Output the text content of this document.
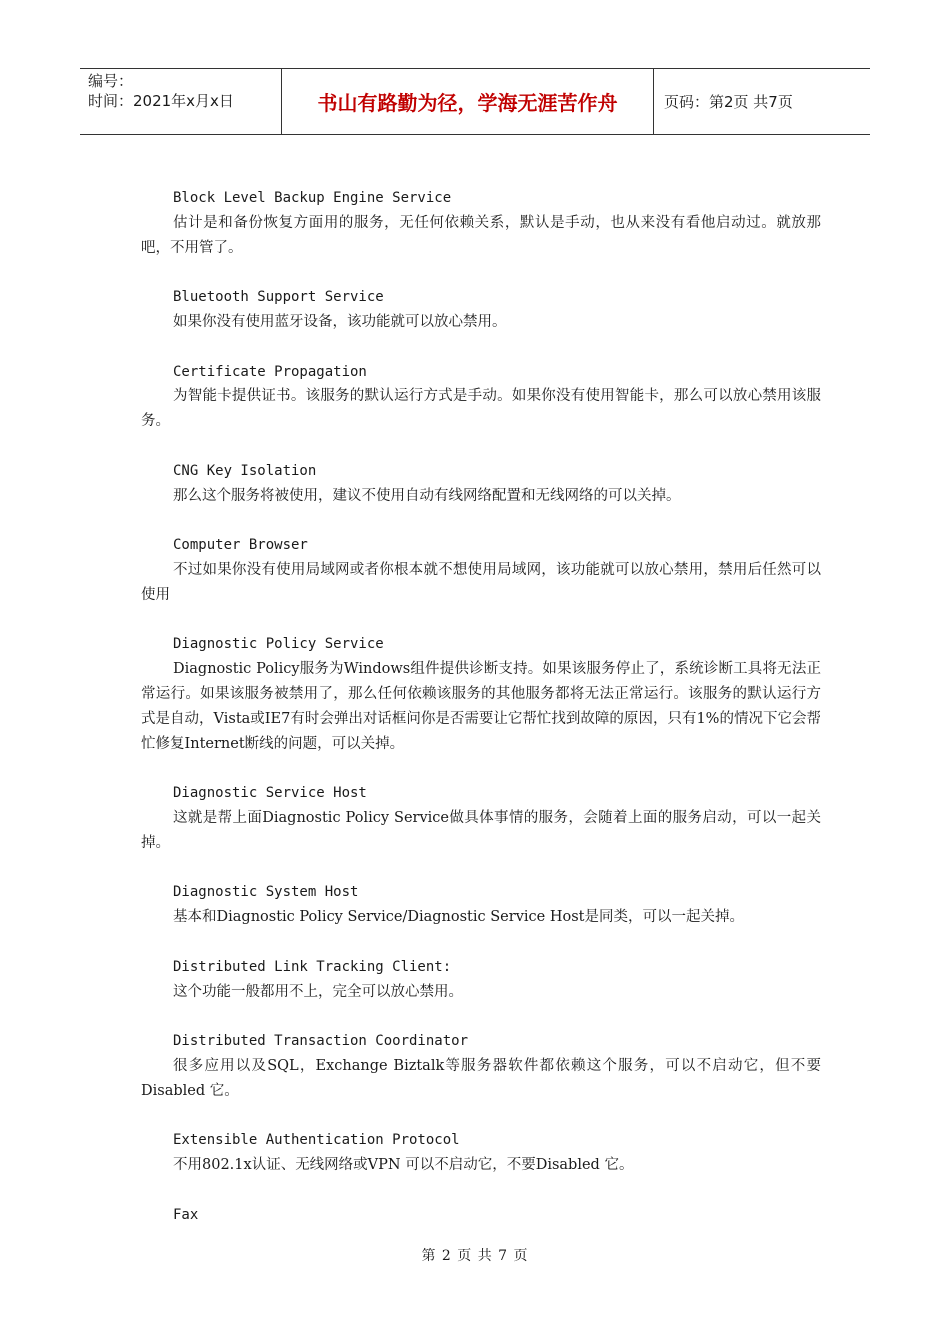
编号：
时间：2021年x月x日	书山有路勤为径，学海无涯苦作舟	页码：第2页 共7页

Block Level Backup Engine Service

估计是和备份恢复方面用的服务，无任何依赖关系，默认是手动，也从来没有看他启动过。就放那吧，不用管了。

Bluetooth Support Service

如果你没有使用蓝牙设备，该功能就可以放心禁用。

Certificate Propagation

为智能卡提供证书。该服务的默认运行方式是手动。如果你没有使用智能卡，那么可以放心禁用该服务。

CNG Key Isolation

那么这个服务将被使用，建议不使用自动有线网络配置和无线网络的可以关掉。

Computer Browser

不过如果你没有使用局域网或者你根本就不想使用局域网，该功能就可以放心禁用，禁用后任然可以使用

Diagnostic Policy Service

Diagnostic Policy服务为Windows组件提供诊断支持。如果该服务停止了，系统诊断工具将无法正常运行。如果该服务被禁用了，那么任何依赖该服务的其他服务都将无法正常运行。该服务的默认运行方式是自动，Vista或IE7有时会弹出对话框问你是否需要让它帮忙找到故障的原因，只有1%的情况下它会帮忙修复Internet断线的问题，可以关掉。

Diagnostic Service Host

这就是帮上面Diagnostic Policy Service做具体事情的服务，会随着上面的服务启动，可以一起关掉。

Diagnostic System Host

基本和Diagnostic Policy Service/Diagnostic Service Host是同类，可以一起关掉。

Distributed Link Tracking Client:

这个功能一般都用不上，完全可以放心禁用。

Distributed Transaction Coordinator

很多应用以及SQL，Exchange Biztalk等服务器软件都依赖这个服务，可以不启动它，但不要Disabled 它。

Extensible Authentication Protocol

不用802.1x认证、无线网络或VPN 可以不启动它，不要Disabled 它。

Fax

第 2 页 共 7 页
